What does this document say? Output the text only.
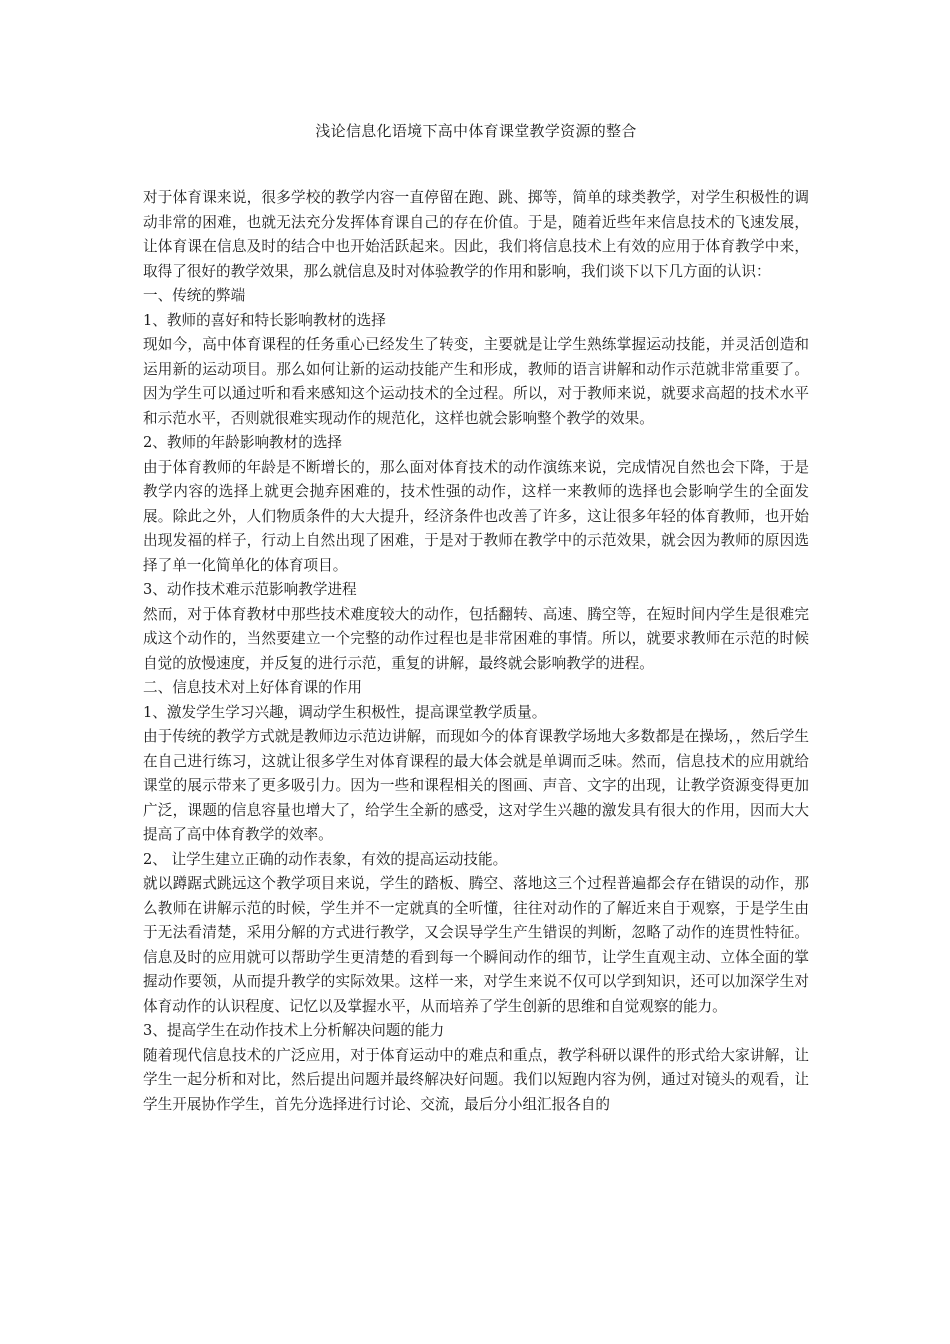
浅论信息化语境下高中体育课堂教学资源的整合

对于体育课来说，很多学校的教学内容一直停留在跑、跳、掷等，简单的球类教学，对学生积极性的调动非常的困难，也就无法充分发挥体育课自己的存在价值。于是，随着近些年来信息技术的飞速发展，让体育课在信息及时的结合中也开始活跃起来。因此，我们将信息技术上有效的应用于体育教学中来，取得了很好的教学效果，那么就信息及时对体验教学的作用和影响，我们谈下以下几方面的认识：

一、传统的弊端

1、教师的喜好和特长影响教材的选择

现如今，高中体育课程的任务重心已经发生了转变，主要就是让学生熟练掌握运动技能，并灵活创造和运用新的运动项目。那么如何让新的运动技能产生和形成，教师的语言讲解和动作示范就非常重要了。因为学生可以通过听和看来感知这个运动技术的全过程。所以，对于教师来说，就要求高超的技术水平和示范水平，否则就很难实现动作的规范化，这样也就会影响整个教学的效果。

2、教师的年龄影响教材的选择

由于体育教师的年龄是不断增长的，那么面对体育技术的动作演练来说，完成情况自然也会下降，于是教学内容的选择上就更会抛弃困难的，技术性强的动作，这样一来教师的选择也会影响学生的全面发展。除此之外，人们物质条件的大大提升，经济条件也改善了许多，这让很多年轻的体育教师，也开始出现发福的样子，行动上自然出现了困难，于是对于教师在教学中的示范效果，就会因为教师的原因选择了单一化简单化的体育项目。

3、动作技术难示范影响教学进程

然而，对于体育教材中那些技术难度较大的动作，包括翻转、高速、腾空等，在短时间内学生是很难完成这个动作的，当然要建立一个完整的动作过程也是非常困难的事情。所以，就要求教师在示范的时候自觉的放慢速度，并反复的进行示范，重复的讲解，最终就会影响教学的进程。

二、信息技术对上好体育课的作用

1、激发学生学习兴趣，调动学生积极性，提高课堂教学质量。

由于传统的教学方式就是教师边示范边讲解，而现如今的体育课教学场地大多数都是在操场，，然后学生在自己进行练习，这就让很多学生对体育课程的最大体会就是单调而乏味。然而，信息技术的应用就给课堂的展示带来了更多吸引力。因为一些和课程相关的图画、声音、文字的出现，让教学资源变得更加广泛，课题的信息容量也增大了，给学生全新的感受，这对学生兴趣的激发具有很大的作用，因而大大提高了高中体育教学的效率。

2、 让学生建立正确的动作表象，有效的提高运动技能。

就以蹲踞式跳远这个教学项目来说，学生的踏板、腾空、落地这三个过程普遍都会存在错误的动作，那么教师在讲解示范的时候，学生并不一定就真的全听懂，往往对动作的了解近来自于观察，于是学生由于无法看清楚，采用分解的方式进行教学，又会误导学生产生错误的判断，忽略了动作的连贯性特征。信息及时的应用就可以帮助学生更清楚的看到每一个瞬间动作的细节，让学生直观主动、立体全面的掌握动作要领，从而提升教学的实际效果。这样一来，对学生来说不仅可以学到知识，还可以加深学生对体育动作的认识程度、记忆以及掌握水平，从而培养了学生创新的思维和自觉观察的能力。

3、提高学生在动作技术上分析解决问题的能力

随着现代信息技术的广泛应用，对于体育运动中的难点和重点，教学科研以课件的形式给大家讲解，让学生一起分析和对比，然后提出问题并最终解决好问题。我们以短跑内容为例，通过对镜头的观看，让学生开展协作学生，首先分选择进行讨论、交流，最后分小组汇报各自的
